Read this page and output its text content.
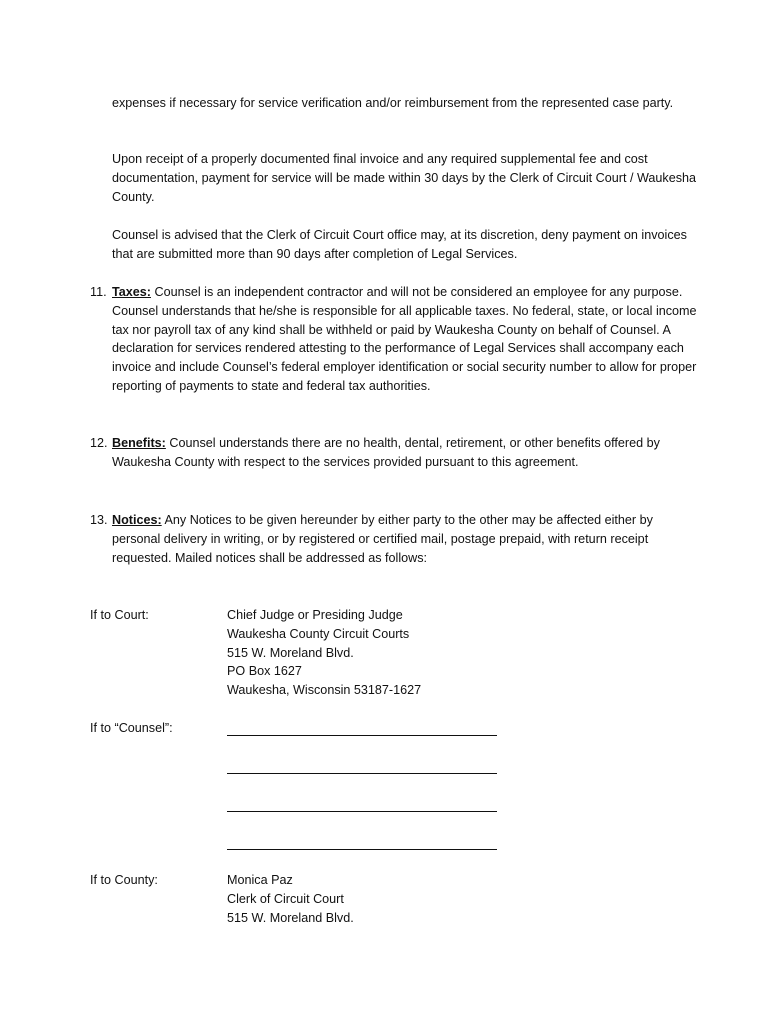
expenses if necessary for service verification and/or reimbursement from the represented case party.

Upon receipt of a properly documented final invoice and any required supplemental fee and cost documentation, payment for service will be made within 30 days by the Clerk of Circuit Court / Waukesha County.

Counsel is advised that the Clerk of Circuit Court office may, at its discretion, deny payment on invoices that are submitted more than 90 days after completion of Legal Services.

11. Taxes: Counsel is an independent contractor and will not be considered an employee for any purpose. Counsel understands that he/she is responsible for all applicable taxes. No federal, state, or local income tax nor payroll tax of any kind shall be withheld or paid by Waukesha County on behalf of Counsel. A declaration for services rendered attesting to the performance of Legal Services shall accompany each invoice and include Counsel’s federal employer identification or social security number to allow for proper reporting of payments to state and federal tax authorities.
12. Benefits: Counsel understands there are no health, dental, retirement, or other benefits offered by Waukesha County with respect to the services provided pursuant to this agreement.
13. Notices: Any Notices to be given hereunder by either party to the other may be affected either by personal delivery in writing, or by registered or certified mail, postage prepaid, with return receipt requested. Mailed notices shall be addressed as follows:
If to Court:	Chief Judge or Presiding Judge
Waukesha County Circuit Courts
515 W. Moreland Blvd.
PO Box 1627
Waukesha, Wisconsin 53187-1627
If to “Counsel”:
If to County:	Monica Paz
Clerk of Circuit Court
515 W. Moreland Blvd.
